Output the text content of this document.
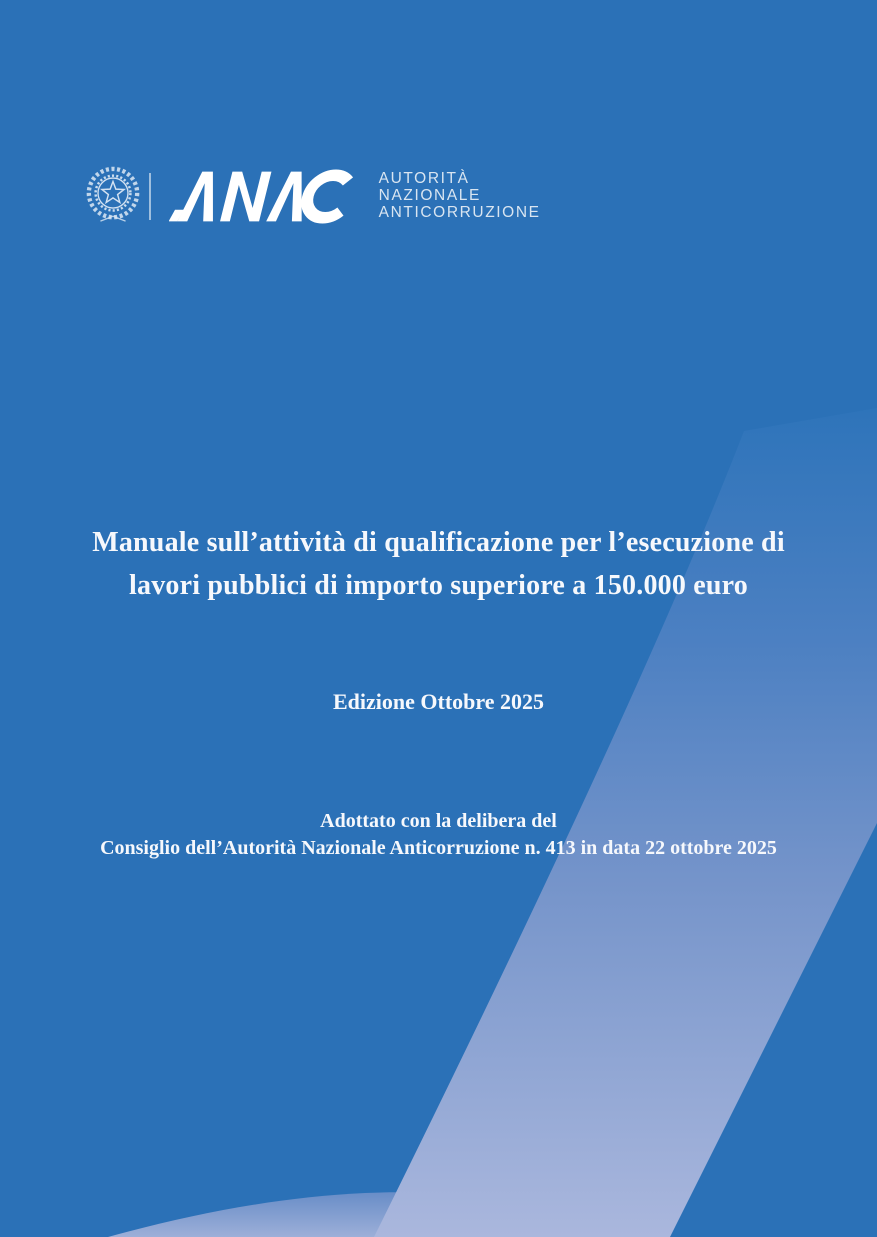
AUTORITÀ
NAZIONALE
ANTICORRUZIONE
Manuale sull’attività di qualificazione per l’esecuzione di
lavori pubblici di importo superiore a 150.000 euro
Edizione Ottobre 2025
Adottato con la delibera del
Consiglio dell’Autorità Nazionale Anticorruzione n. 413 in data 22 ottobre 2025
